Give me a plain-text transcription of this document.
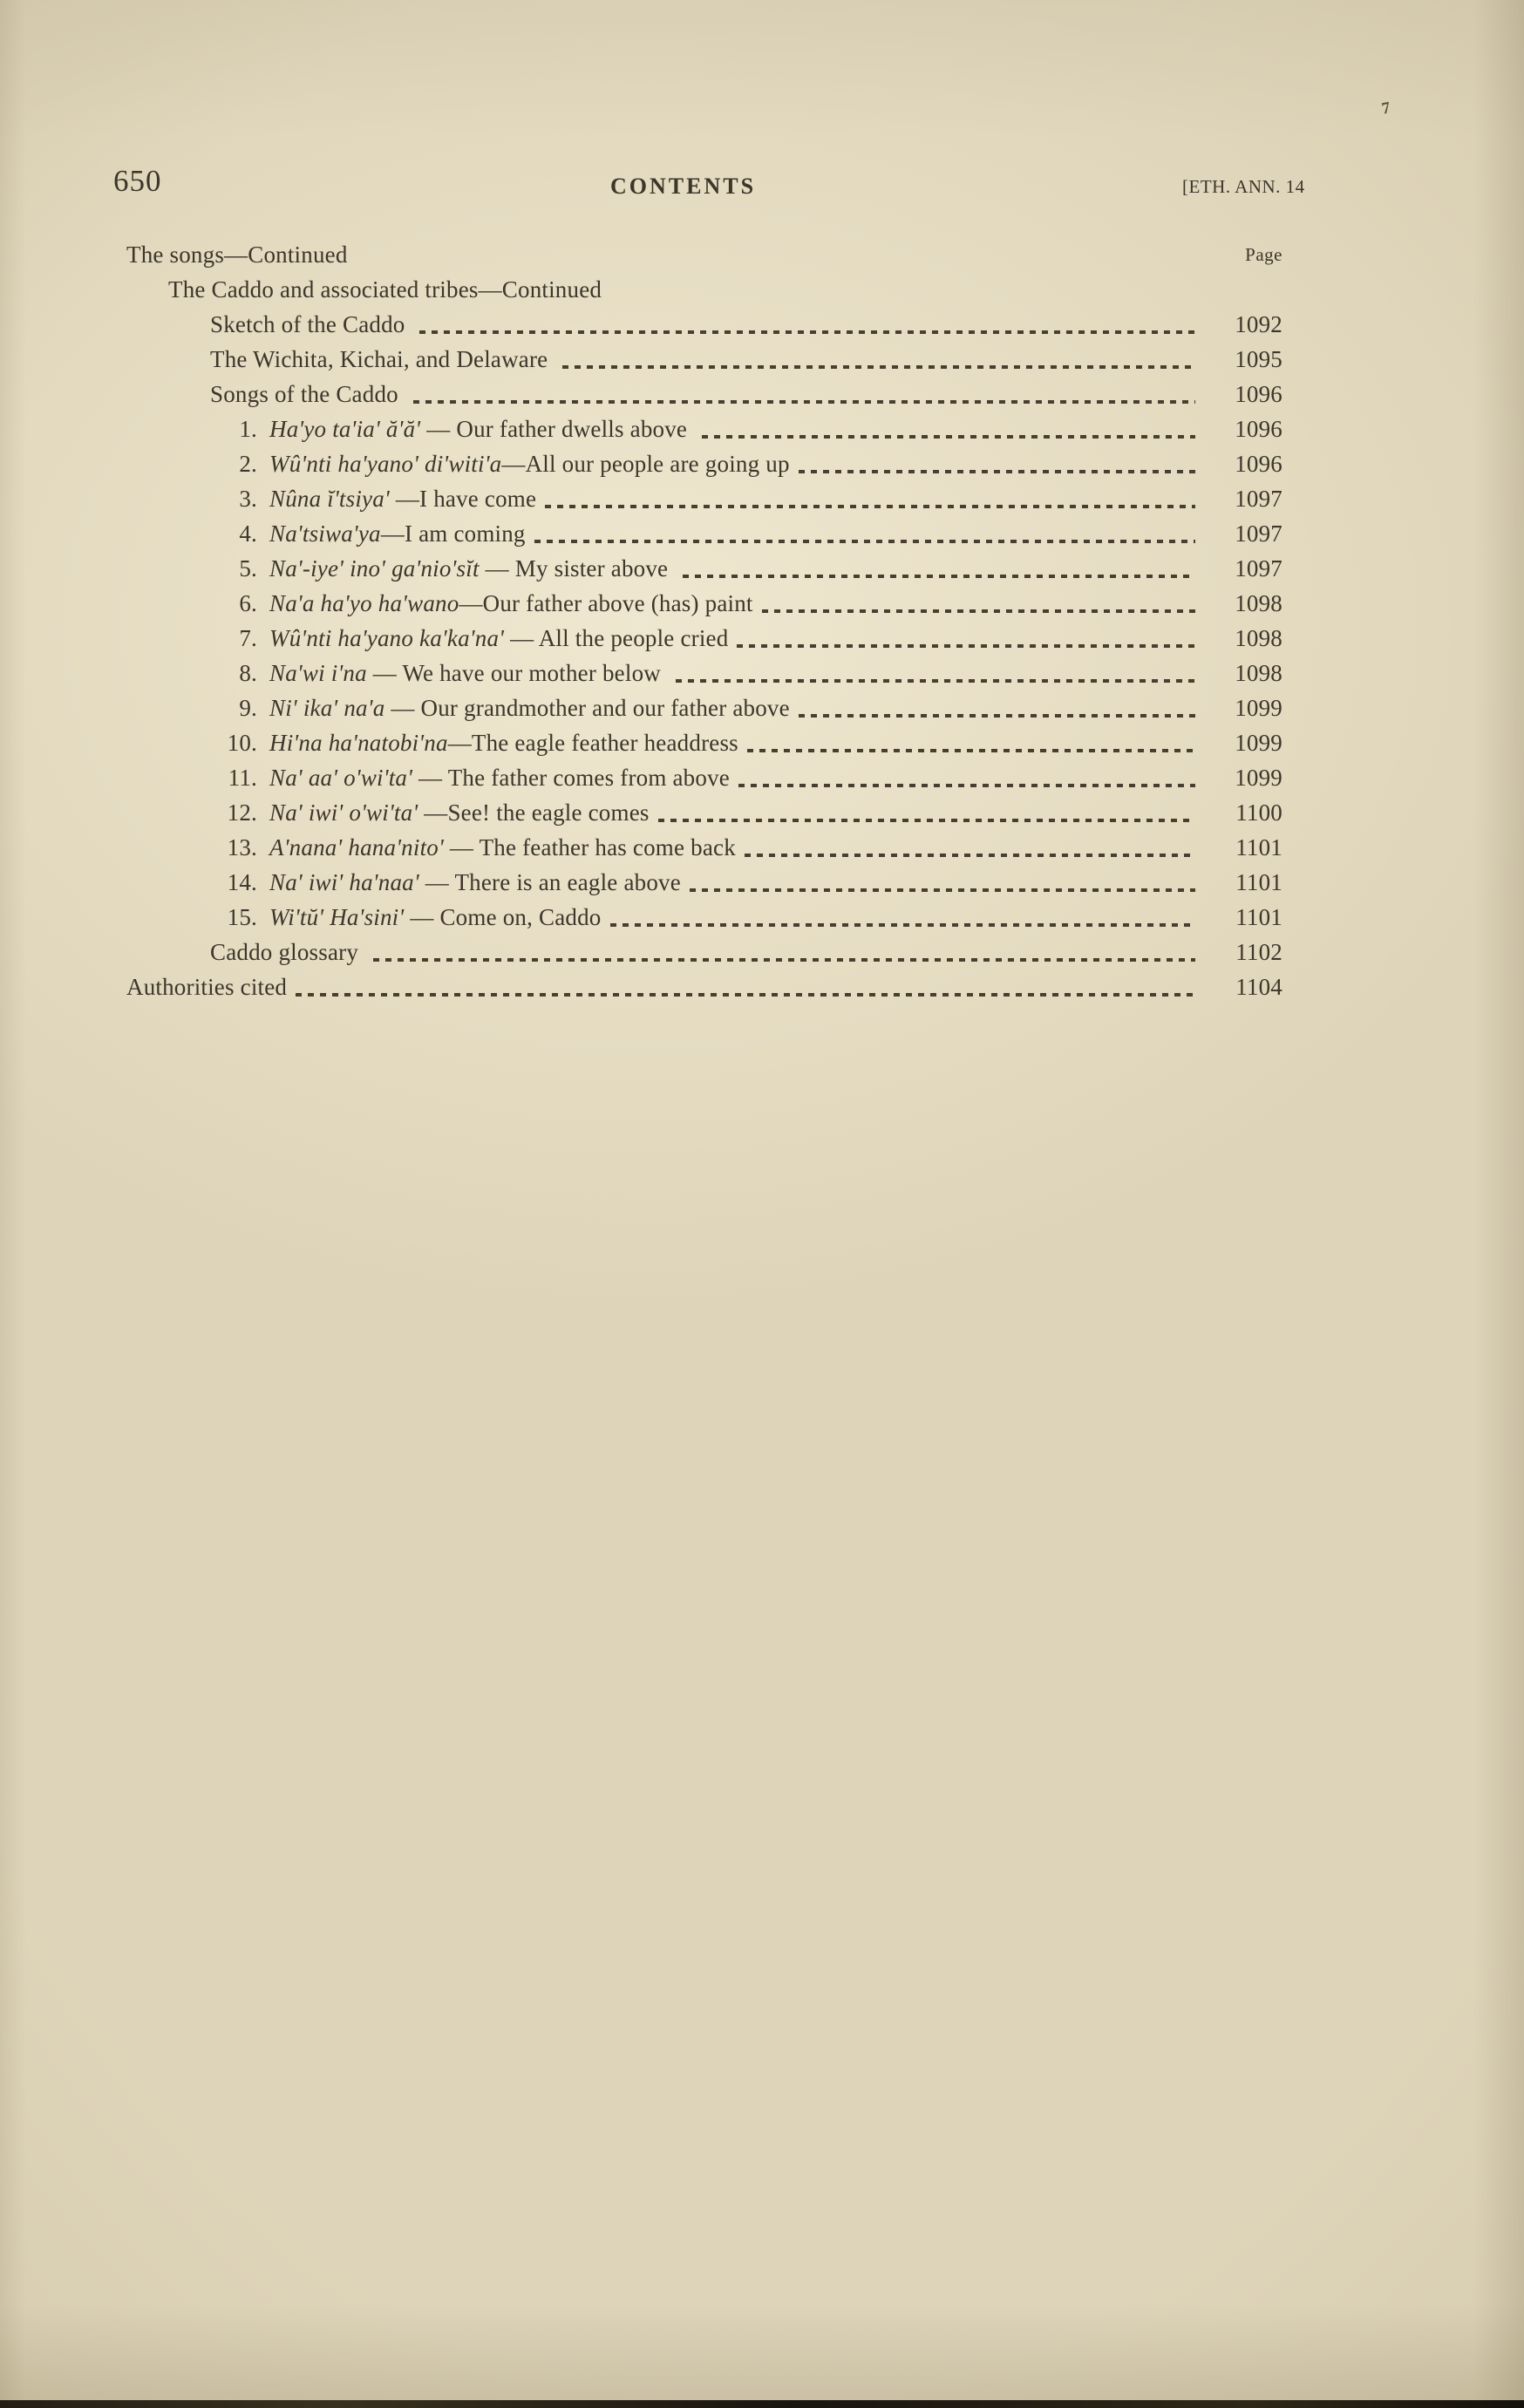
650	CONTENTS	[ETH. ANN. 14
7
The songs—Continued	Page
The Caddo and associated tribes—Continued
Sketch of the Caddo	1092
The Wichita, Kichai, and Delaware	1095
Songs of the Caddo	1096
1. Ha'yo ta'ia' ă'ă' — Our father dwells above	1096
2. Wû'nti ha'yano' di'witi'a—All our people are going up	1096
3. Nûna ĭ'tsiya' —I have come	1097
4. Na'tsiwa'ya—I am coming	1097
5. Na'-iye' ino' ga'nio'sĭt — My sister above	1097
6. Na'a ha'yo ha'wano—Our father above (has) paint	1098
7. Wû'nti ha'yano ka'ka'na' — All the people cried	1098
8. Na'wi i'na — We have our mother below	1098
9. Ni' ika' na'a — Our grandmother and our father above	1099
10. Hi'na ha'natobi'na—The eagle feather headdress	1099
11. Na' aa' o'wi'ta' — The father comes from above	1099
12. Na' iwi' o'wi'ta' —See! the eagle comes	1100
13. A'nana' hana'nito' — The feather has come back	1101
14. Na' iwi' ha'naa' — There is an eagle above	1101
15. Wi'tŭ' Ha'sini' — Come on, Caddo	1101
Caddo glossary	1102
Authorities cited	1104
